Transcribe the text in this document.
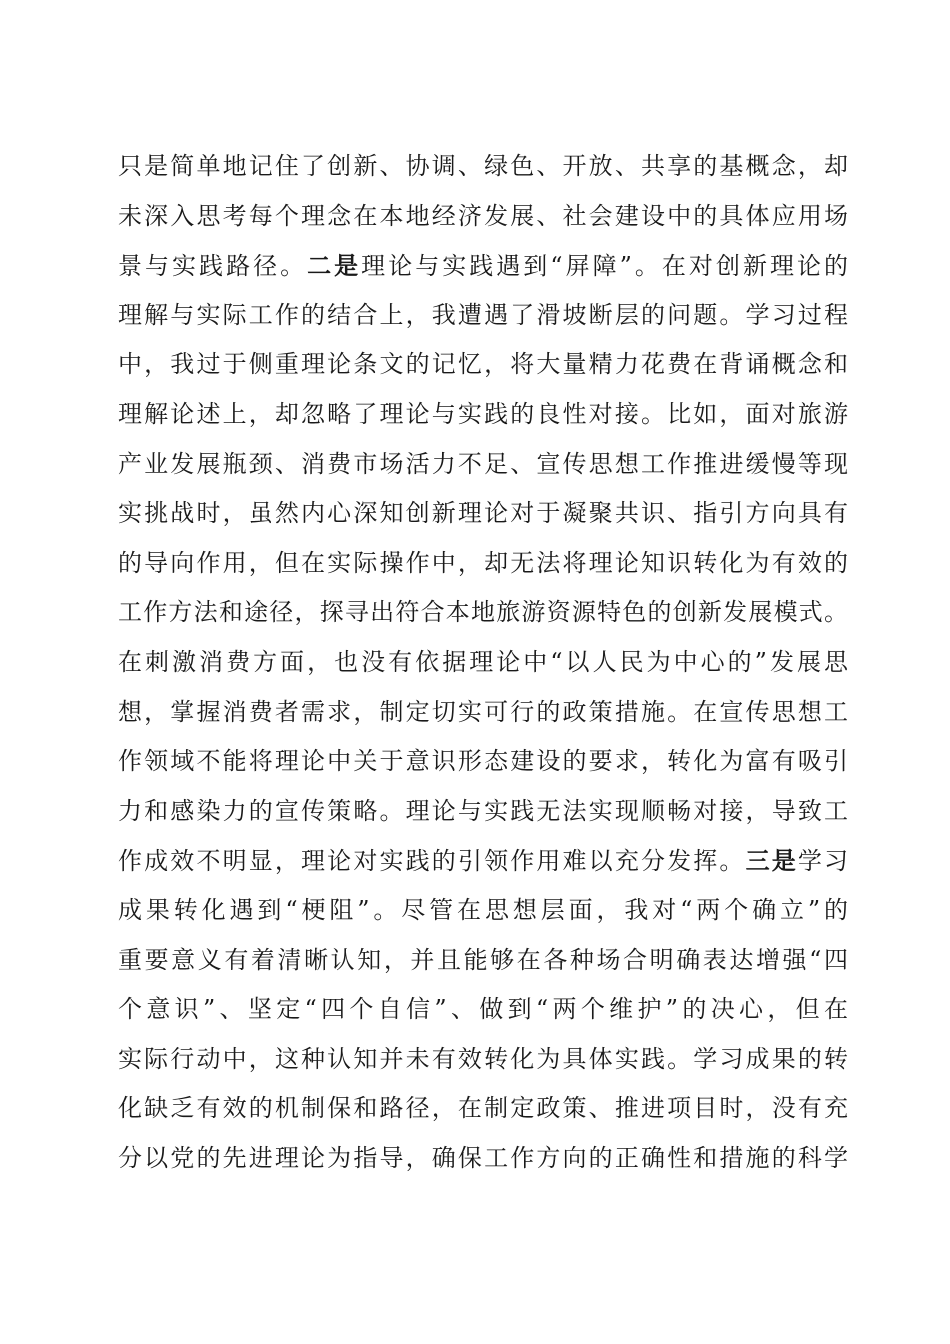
只是简单地记住了创新、协调、绿色、开放、共享的基概念，却
未深入思考每个理念在本地经济发展、社会建设中的具体应用场
景与实践路径。二是理论与实践遇到“屏障”。在对创新理论的
理解与实际工作的结合上，我遭遇了滑坡断层的问题。学习过程
中，我过于侧重理论条文的记忆，将大量精力花费在背诵概念和
理解论述上，却忽略了理论与实践的良性对接。比如，面对旅游
产业发展瓶颈、消费市场活力不足、宣传思想工作推进缓慢等现
实挑战时，虽然内心深知创新理论对于凝聚共识、指引方向具有
的导向作用，但在实际操作中，却无法将理论知识转化为有效的
工作方法和途径，探寻出符合本地旅游资源特色的创新发展模式。
在刺激消费方面，也没有依据理论中“以人民为中心的”发展思
想，掌握消费者需求，制定切实可行的政策措施。在宣传思想工
作领域不能将理论中关于意识形态建设的要求，转化为富有吸引
力和感染力的宣传策略。理论与实践无法实现顺畅对接，导致工
作成效不明显，理论对实践的引领作用难以充分发挥。三是学习
成果转化遇到“梗阻”。尽管在思想层面，我对“两个确立”的
重要意义有着清晰认知，并且能够在各种场合明确表达增强“四
个意识”、坚定“四个自信”、做到“两个维护”的决心，但在
实际行动中，这种认知并未有效转化为具体实践。学习成果的转
化缺乏有效的机制保和路径，在制定政策、推进项目时，没有充
分以党的先进理论为指导，确保工作方向的正确性和措施的科学
